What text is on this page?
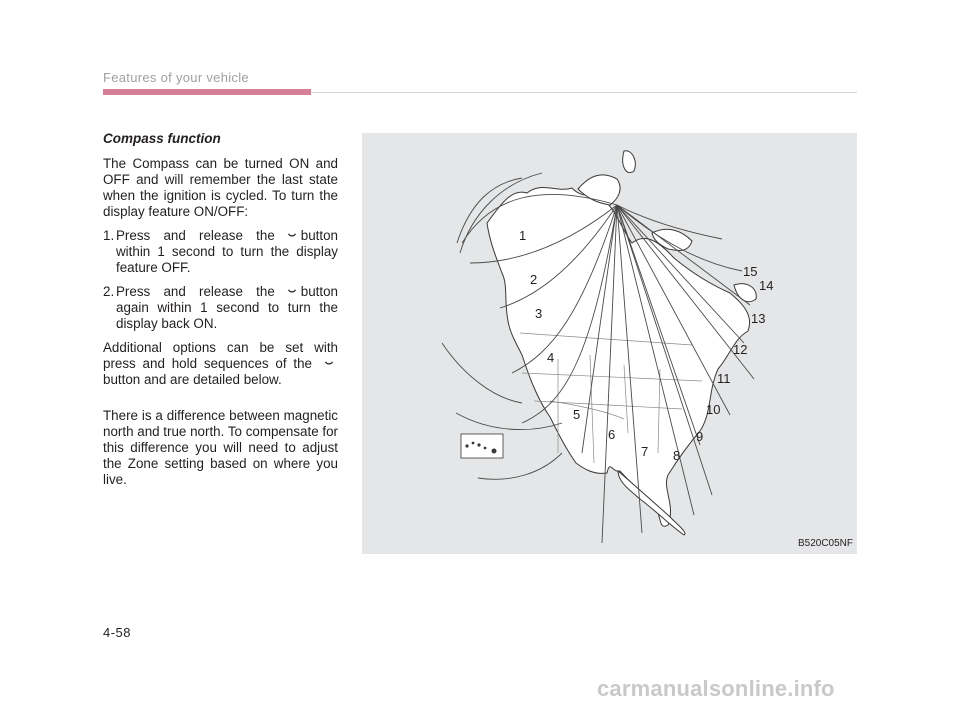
Features of your vehicle
Compass function

The Compass can be turned ON and OFF and will remember the last state when the ignition is cycled. To turn the display feature ON/OFF:

1. Press and release the button within 1 second to turn the display feature OFF.
2. Press and release the button again within 1 second to turn the display back ON.

Additional options can be set with press and hold sequences of thebutton and are detailed below.

There is a difference between magnetic north and true north. To compensate for this difference you will need to adjust the Zone setting based on where you live.

1
2
3
4
5
6
7 8
9
10
11
12
13
14
15
B520C05NF
4-58
carmanualsonline.info
